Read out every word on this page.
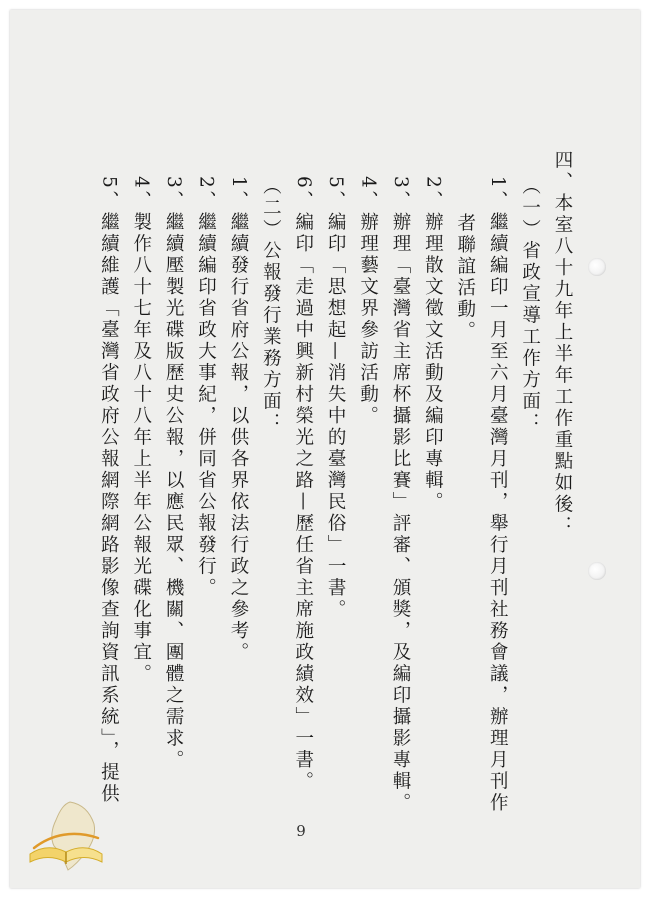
四、本室八十九年上半年工作重點如後：
（一）省政宣導工作方面：
1、繼續編印一月至六月臺灣月刊，舉行月刊社務會議，辦理月刊作
者聯誼活動。
2、辦理散文徵文活動及編印專輯。
3、辦理「臺灣省主席杯攝影比賽」評審、頒獎，及編印攝影專輯。
4、辦理藝文界參訪活動。
5、編印「思想起—消失中的臺灣民俗」一書。
6、編印「走過中興新村榮光之路—歷任省主席施政績效」一書。
（二）公報發行業務方面：
1、繼續發行省府公報，以供各界依法行政之參考。
2、繼續編印省政大事紀，併同省公報發行。
3、繼續壓製光碟版歷史公報，以應民眾、機關、團體之需求。
4、製作八十七年及八十八年上半年公報光碟化事宜。
5、繼續維護「臺灣省政府公報網際網路影像查詢資訊系統」，提供
9
